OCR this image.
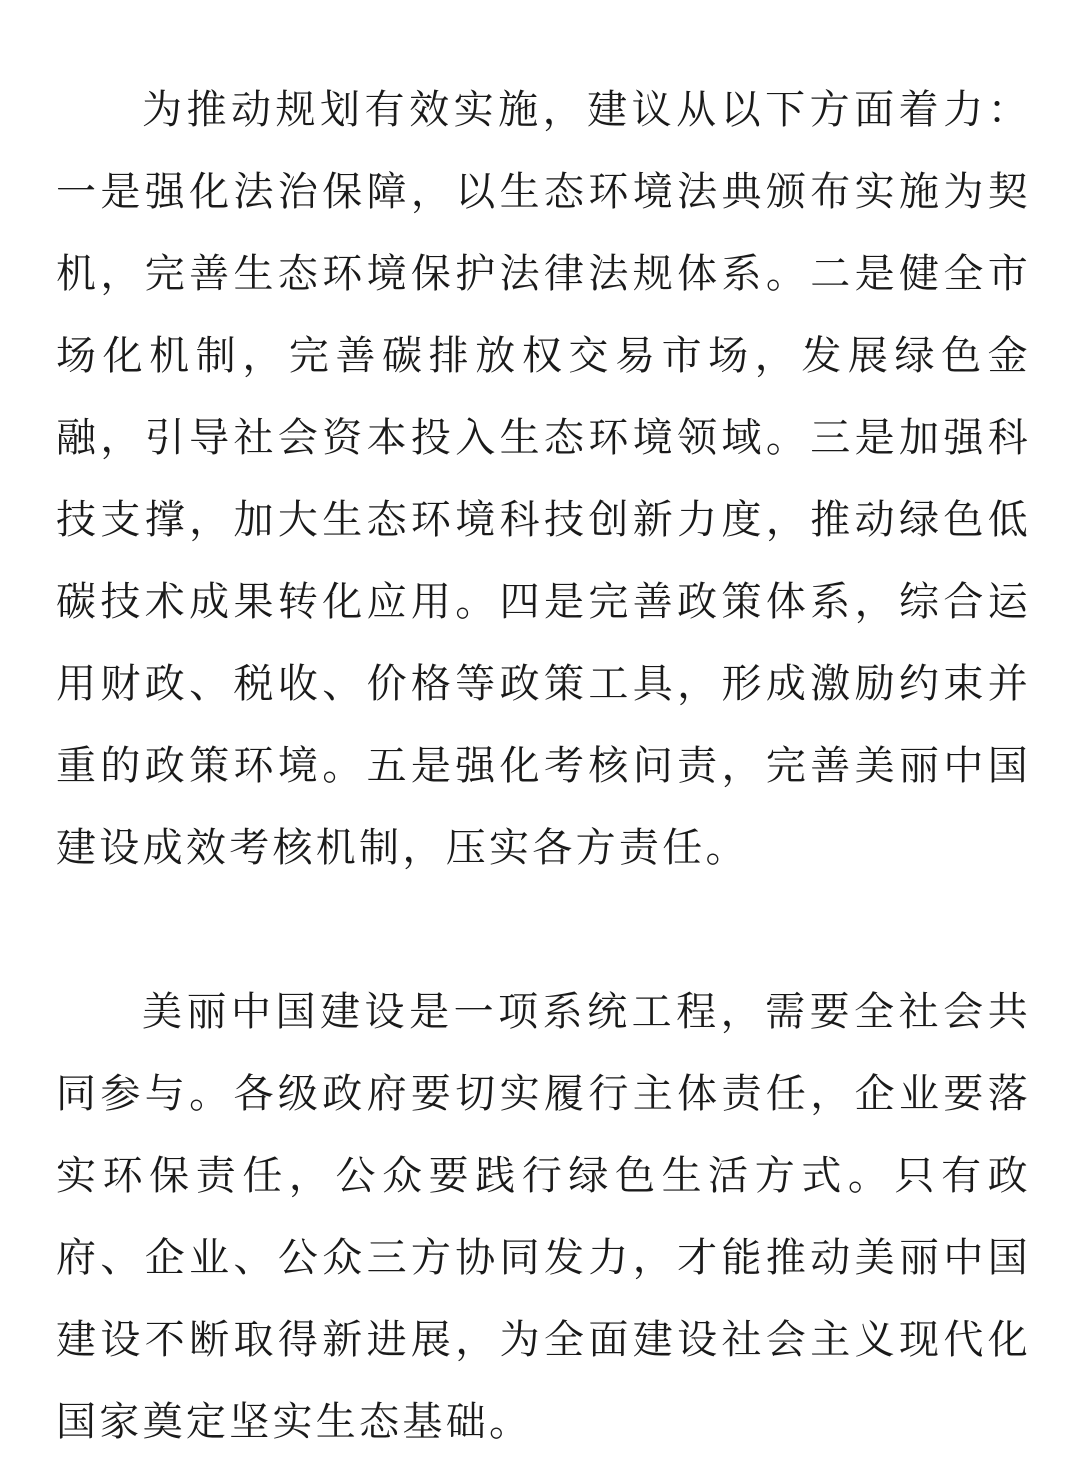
为推动规划有效实施，建议从以下方面着力：一是强化法治保障，以生态环境法典颁布实施为契机，完善生态环境保护法律法规体系。二是健全市场化机制，完善碳排放权交易市场，发展绿色金融，引导社会资本投入生态环境领域。三是加强科技支撑，加大生态环境科技创新力度，推动绿色低碳技术成果转化应用。四是完善政策体系，综合运用财政、税收、价格等政策工具，形成激励约束并重的政策环境。五是强化考核问责，完善美丽中国建设成效考核机制，压实各方责任。

美丽中国建设是一项系统工程，需要全社会共同参与。各级政府要切实履行主体责任，企业要落实环保责任，公众要践行绿色生活方式。只有政府、企业、公众三方协同发力，才能推动美丽中国建设不断取得新进展，为全面建设社会主义现代化国家奠定坚实生态基础。
